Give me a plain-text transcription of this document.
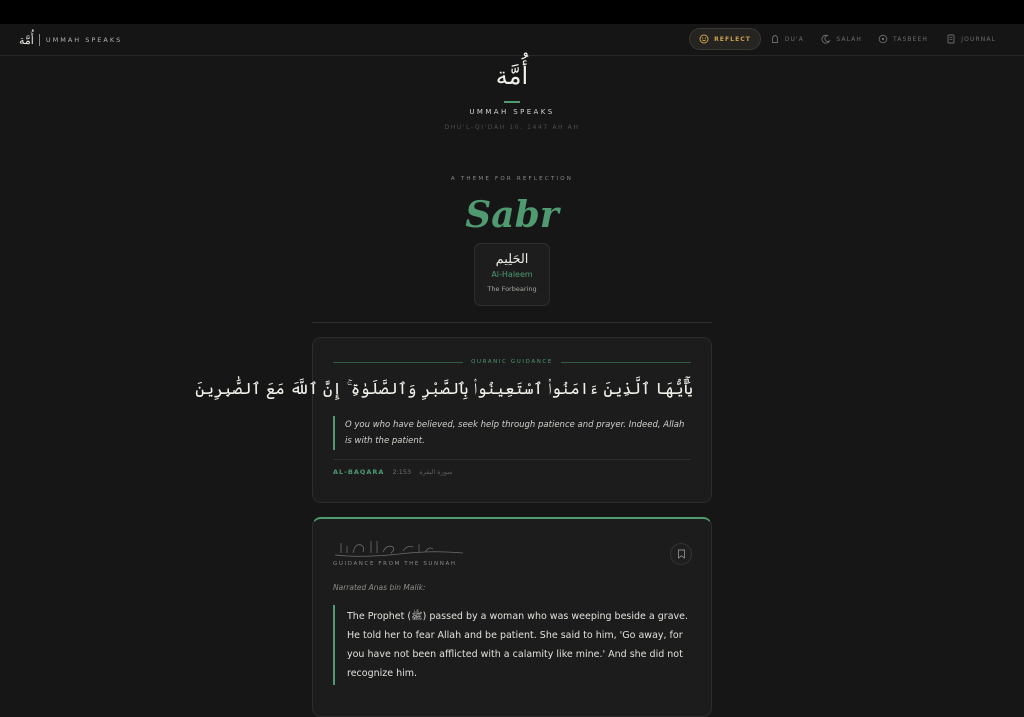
أُمَّة UMMAH SPEAKS	REFLECT	DU'A	SALAH	TASBEEH	JOURNAL
أُمَّة
UMMAH SPEAKS
DHU'L-QI'DAH 10, 1447 AH AH
A THEME FOR REFLECTION
Sabr
الحَلِيم
Al-Haleem
The Forbearing
QURANIC GUIDANCE
يَٰٓأَيُّهَا ٱلَّذِينَ ءَامَنُوا۟ ٱسْتَعِينُوا۟ بِٱلصَّبْرِ وَٱلصَّلَوٰةِ ۚ إِنَّ ٱللَّهَ مَعَ ٱلصَّٰبِرِينَ
O you who have believed, seek help through patience and prayer. Indeed, Allah is with the patient.
AL-BAQARA 2:153 سورة البقرة
GUIDANCE FROM THE SUNNAH
Narrated Anas bin Malik:
The Prophet (ﷺ) passed by a woman who was weeping beside a grave. He told her to fear Allah and be patient. She said to him, 'Go away, for you have not been afflicted with a calamity like mine.' And she did not recognize him.
